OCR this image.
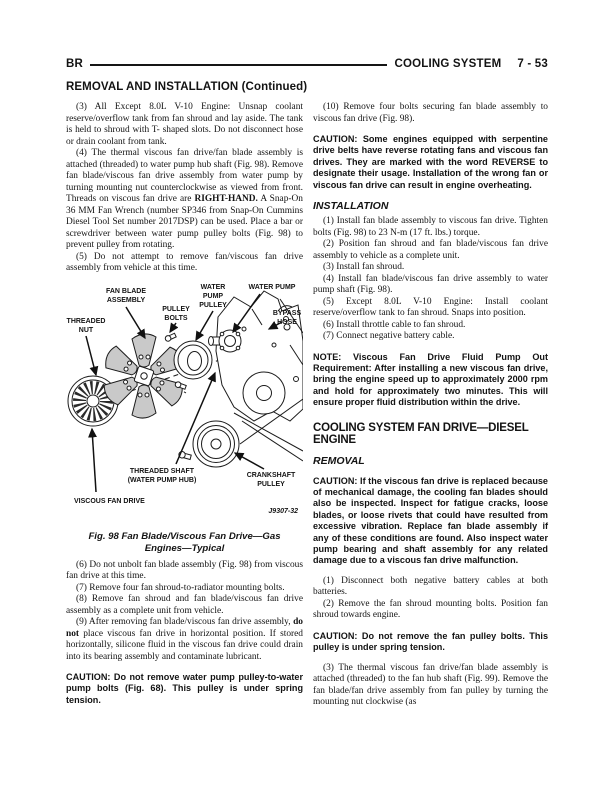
BR	COOLING SYSTEM 7 - 53
REMOVAL AND INSTALLATION (Continued)

(3) All Except 8.0L V-10 Engine: Unsnap coolant reserve/overflow tank from fan shroud and lay aside. The tank is held to shroud with T- shaped slots. Do not disconnect hose or drain coolant from tank.

(4) The thermal viscous fan drive/fan blade assembly is attached (threaded) to water pump hub shaft (Fig. 98). Remove fan blade/viscous fan drive assembly from water pump by turning mounting nut counterclockwise as viewed from front. Threads on viscous fan drive are RIGHT-HAND. A Snap-On 36 MM Fan Wrench (number SP346 from Snap-On Cummins Diesel Tool Set number 2017DSP) can be used. Place a bar or screwdriver between water pump pulley bolts (Fig. 98) to prevent pulley from rotating.

(5) Do not attempt to remove fan/viscous fan drive assembly from vehicle at this time.

FAN BLADE
ASSEMBLY
THREADED
NUT
PULLEY
BOLTS
WATER
PUMP
PULLEY
WATER PUMP
BYPASS
HOSE
THREADED SHAFT
(WATER PUMP HUB)
CRANKSHAFT
PULLEY
VISCOUS FAN DRIVE
J9307-32
Fig. 98 Fan Blade/Viscous Fan Drive—Gas
Engines—Typical

(6) Do not unbolt fan blade assembly (Fig. 98) from viscous fan drive at this time.

(7) Remove four fan shroud-to-radiator mounting bolts.

(8) Remove fan shroud and fan blade/viscous fan drive assembly as a complete unit from vehicle.

(9) After removing fan blade/viscous fan drive assembly, do not place viscous fan drive in horizontal position. If stored horizontally, silicone fluid in the viscous fan drive could drain into its bearing assembly and contaminate lubricant.

CAUTION: Do not remove water pump pulley-to-water pump bolts (Fig. 68). This pulley is under spring tension.

(10) Remove four bolts securing fan blade assembly to viscous fan drive (Fig. 98).

CAUTION: Some engines equipped with serpentine drive belts have reverse rotating fans and viscous fan drives. They are marked with the word REVERSE to designate their usage. Installation of the wrong fan or viscous fan drive can result in engine overheating.

INSTALLATION

(1) Install fan blade assembly to viscous fan drive. Tighten bolts (Fig. 98) to 23 N-m (17 ft. lbs.) torque.

(2) Position fan shroud and fan blade/viscous fan drive assembly to vehicle as a complete unit.

(3) Install fan shroud.

(4) Install fan blade/viscous fan drive assembly to water pump shaft (Fig. 98).

(5) Except 8.0L V-10 Engine: Install coolant reserve/overflow tank to fan shroud. Snaps into position.

(6) Install throttle cable to fan shroud.

(7) Connect negative battery cable.

NOTE: Viscous Fan Drive Fluid Pump Out Requirement: After installing a new viscous fan drive, bring the engine speed up to approximately 2000 rpm and hold for approximately two minutes. This will ensure proper fluid distribution within the drive.

COOLING SYSTEM FAN DRIVE—DIESEL ENGINE
REMOVAL

CAUTION: If the viscous fan drive is replaced because of mechanical damage, the cooling fan blades should also be inspected. Inspect for fatigue cracks, loose blades, or loose rivets that could have resulted from excessive vibration. Replace fan blade assembly if any of these conditions are found. Also inspect water pump bearing and shaft assembly for any related damage due to a viscous fan drive malfunction.

(1) Disconnect both negative battery cables at both batteries.

(2) Remove the fan shroud mounting bolts. Position fan shroud towards engine.

CAUTION: Do not remove the fan pulley bolts. This pulley is under spring tension.

(3) The thermal viscous fan drive/fan blade assembly is attached (threaded) to the fan hub shaft (Fig. 99). Remove the fan blade/fan drive assembly from fan pulley by turning the mounting nut clockwise (as
